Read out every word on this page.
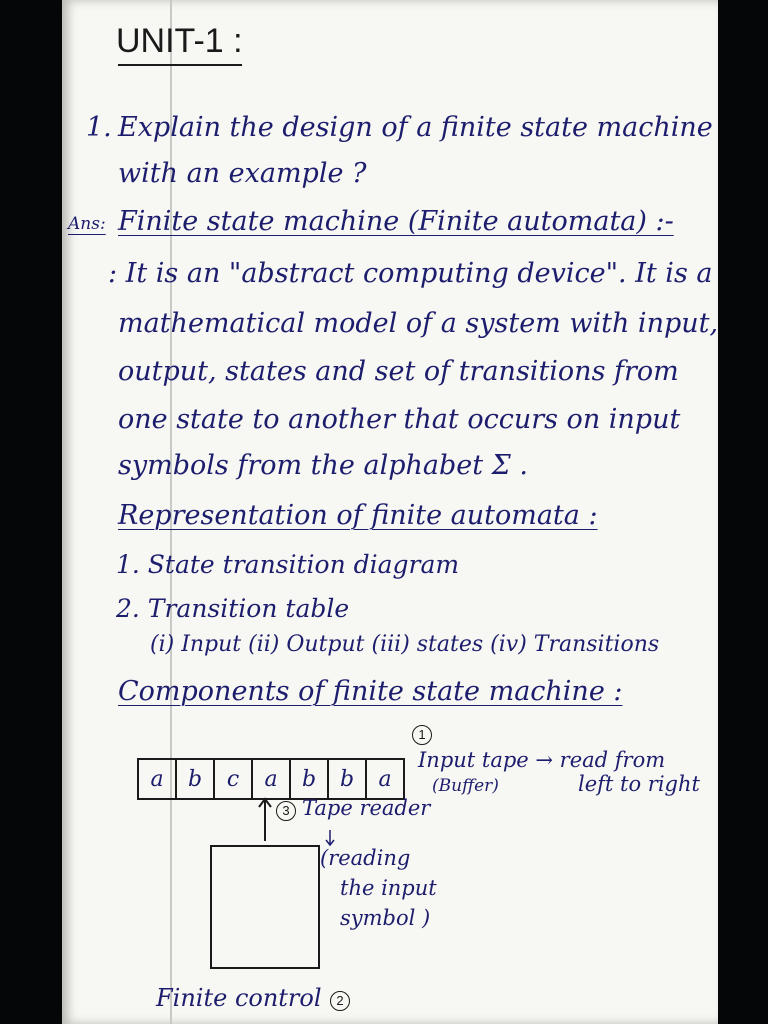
UNIT-1 :
1. Explain the design of a finite state machine
with an example ?
Ans: Finite state machine (Finite automata) :-
: It is an "abstract computing device". It is a
mathematical model of a system with input,
output, states and set of transitions from
one state to another that occurs on input
symbols from the alphabet Σ .
Representation of finite automata :
1. State transition diagram
2. Transition table
(i) Input (ii) Output (iii) states (iv) Transitions
Components of finite state machine :
a	b	c	a	b	b	a
1
Input tape → read from
(Buffer)	left to right
3 Tape reader
(reading
the input
symbol )
Finite control	2
